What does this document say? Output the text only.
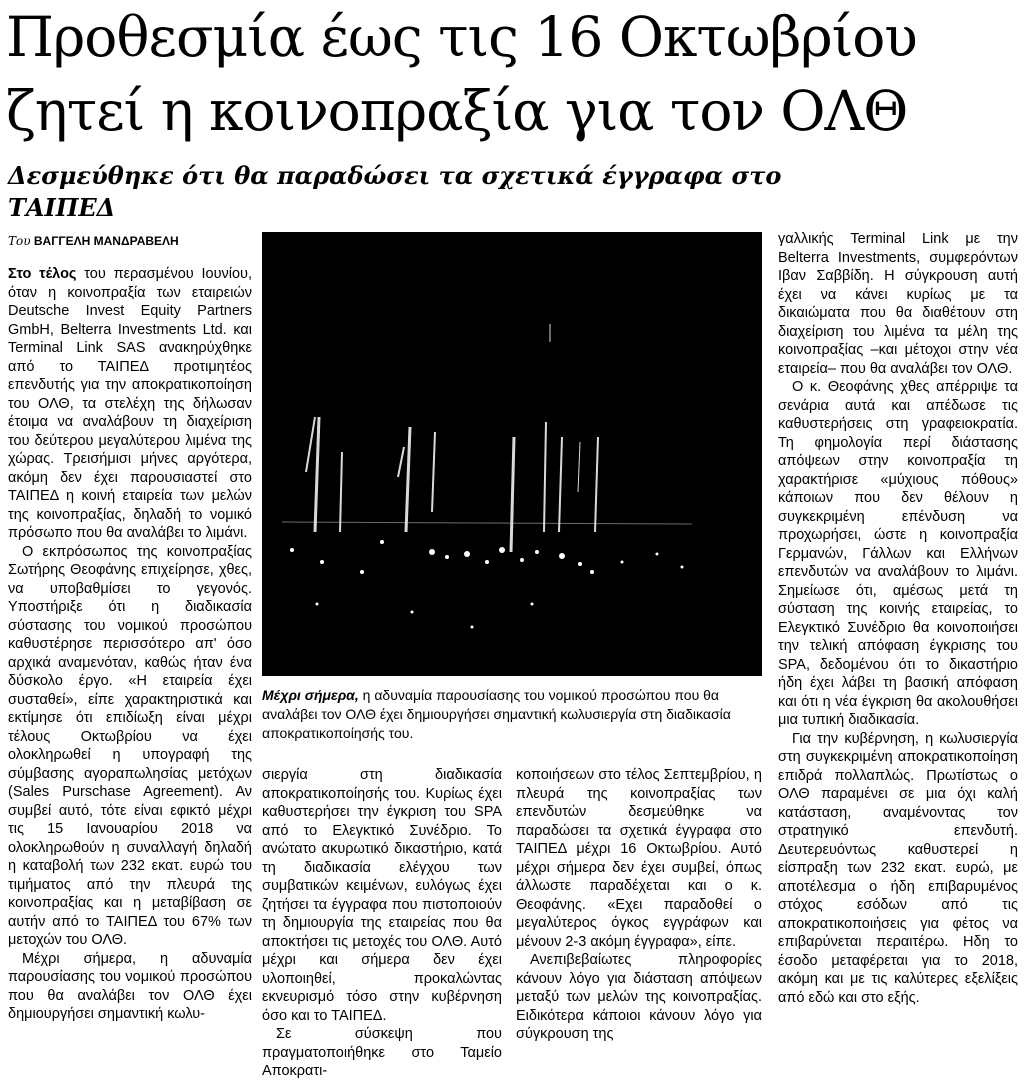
Προθεσμία έως τις 16 Οκτωβρίου ζητεί η κοινοπραξία για τον ΟΛΘ
Δεσμεύθηκε ότι θα παραδώσει τα σχετικά έγγραφα στο ΤΑΙΠΕΔ
Του ΒΑΓΓΕΛΗ ΜΑΝΔΡΑΒΕΛΗ

Στο τέλος του περασμένου Ιουνίου, όταν η κοινοπραξία των εταιρειών Deutsche Invest Equity Partners GmbH, Belterra Investments Ltd. και Terminal Link SAS ανακηρύχθηκε από το ΤΑΙΠΕΔ προτιμητέος επενδυτής για την αποκρατικοποίηση του ΟΛΘ, τα στελέχη της δήλωσαν έτοιμα να αναλάβουν τη διαχείριση του δεύτερου μεγαλύτερου λιμένα της χώρας. Τρεισήμισι μήνες αργότερα, ακόμη δεν έχει παρουσιαστεί στο ΤΑΙΠΕΔ η κοινή εταιρεία των μελών της κοινοπραξίας, δηλαδή το νομικό πρόσωπο που θα αναλάβει το λιμάνι.

Ο εκπρόσωπος της κοινοπραξίας Σωτήρης Θεοφάνης επιχείρησε, χθες, να υποβαθμίσει το γεγονός. Υποστήριξε ότι η διαδικασία σύστασης του νομικού προσώπου καθυστέρησε περισσότερο απ' όσο αρχικά αναμενόταν, καθώς ήταν ένα δύσκολο έργο. «Η εταιρεία έχει συσταθεί», είπε χαρακτηριστικά και εκτίμησε ότι επιδίωξη είναι μέχρι τέλους Οκτωβρίου να έχει ολοκληρωθεί η υπογραφή της σύμβασης αγοραπωλησίας μετόχων (Sales Purschase Agreement). Αν συμβεί αυτό, τότε είναι εφικτό μέχρι τις 15 Ιανουαρίου 2018 να ολοκληρωθούν η συναλλαγή δηλαδή η καταβολή των 232 εκατ. ευρώ του τιμήματος από την πλευρά της κοινοπραξίας και η μεταβίβαση σε αυτήν από το ΤΑΙΠΕΔ του 67% των μετοχών του ΟΛΘ.

Μέχρι σήμερα, η αδυναμία παρουσίασης του νομικού προσώπου που θα αναλάβει τον ΟΛΘ έχει δημιουργήσει σημαντική κωλυ-

Μέχρι σήμερα, η αδυναμία παρουσίασης του νομικού προσώπου που θα αναλάβει τον ΟΛΘ έχει δημιουργήσει σημαντική κωλυσιεργία στη διαδικασία αποκρατικοποίησής του.

σιεργία στη διαδικασία αποκρατικοποίησής του. Κυρίως έχει καθυστερήσει την έγκριση του SPA από το Ελεγκτικό Συνέδριο. Το ανώτατο ακυρωτικό δικαστήριο, κατά τη διαδικασία ελέγχου των συμβατικών κειμένων, ευλόγως έχει ζητήσει τα έγγραφα που πιστοποιούν τη δημιουργία της εταιρείας που θα αποκτήσει τις μετοχές του ΟΛΘ. Αυτό μέχρι και σήμερα δεν έχει υλοποιηθεί, προκαλώντας εκνευρισμό τόσο στην κυβέρνηση όσο και το ΤΑΙΠΕΔ.

Σε σύσκεψη που πραγματοποιήθηκε στο Ταμείο Αποκρατι-

κοποιήσεων στο τέλος Σεπτεμβρίου, η πλευρά της κοινοπραξίας των επενδυτών δεσμεύθηκε να παραδώσει τα σχετικά έγγραφα στο ΤΑΙΠΕΔ μέχρι 16 Οκτωβρίου. Αυτό μέχρι σήμερα δεν έχει συμβεί, όπως άλλωστε παραδέχεται και ο κ. Θεοφάνης. «Εχει παραδοθεί ο μεγαλύτερος όγκος εγγράφων και μένουν 2-3 ακόμη έγγραφα», είπε.

Ανεπιβεβαίωτες πληροφορίες κάνουν λόγο για διάσταση απόψεων μεταξύ των μελών της κοινοπραξίας. Ειδικότερα κάποιοι κάνουν λόγο για σύγκρουση της

γαλλικής Terminal Link με την Belterra Investments, συμφερόντων Ιβαν Σαββίδη. Η σύγκρουση αυτή έχει να κάνει κυρίως με τα δικαιώματα που θα διαθέτουν στη διαχείριση του λιμένα τα μέλη της κοινοπραξίας –και μέτοχοι στην νέα εταιρεία– που θα αναλάβει τον ΟΛΘ.

Ο κ. Θεοφάνης χθες απέρριψε τα σενάρια αυτά και απέδωσε τις καθυστερήσεις στη γραφειοκρατία. Τη φημολογία περί διάστασης απόψεων στην κοινοπραξία τη χαρακτήρισε «μύχιους πόθους» κάποιων που δεν θέλουν η συγκεκριμένη επένδυση να προχωρήσει, ώστε η κοινοπραξία Γερμανών, Γάλλων και Ελλήνων επενδυτών να αναλάβουν το λιμάνι. Σημείωσε ότι, αμέσως μετά τη σύσταση της κοινής εταιρείας, το Ελεγκτικό Συνέδριο θα κοινοποιήσει την τελική απόφαση έγκρισης του SPA, δεδομένου ότι το δικαστήριο ήδη έχει λάβει τη βασική απόφαση και ότι η νέα έγκριση θα ακολουθήσει μια τυπική διαδικασία.

Για την κυβέρνηση, η κωλυσιεργία στη συγκεκριμένη αποκρατικοποίηση επιδρά πολλαπλώς. Πρωτίστως ο ΟΛΘ παραμένει σε μια όχι καλή κατάσταση, αναμένοντας τον στρατηγικό επενδυτή. Δευτερευόντως καθυστερεί η είσπραξη των 232 εκατ. ευρώ, με αποτέλεσμα ο ήδη επιβαρυμένος στόχος εσόδων από τις αποκρατικοποιήσεις για φέτος να επιβαρύνεται περαιτέρω. Ηδη το έσοδο μεταφέρεται για το 2018, ακόμη και με τις καλύτερες εξελίξεις από εδώ και στο εξής.
